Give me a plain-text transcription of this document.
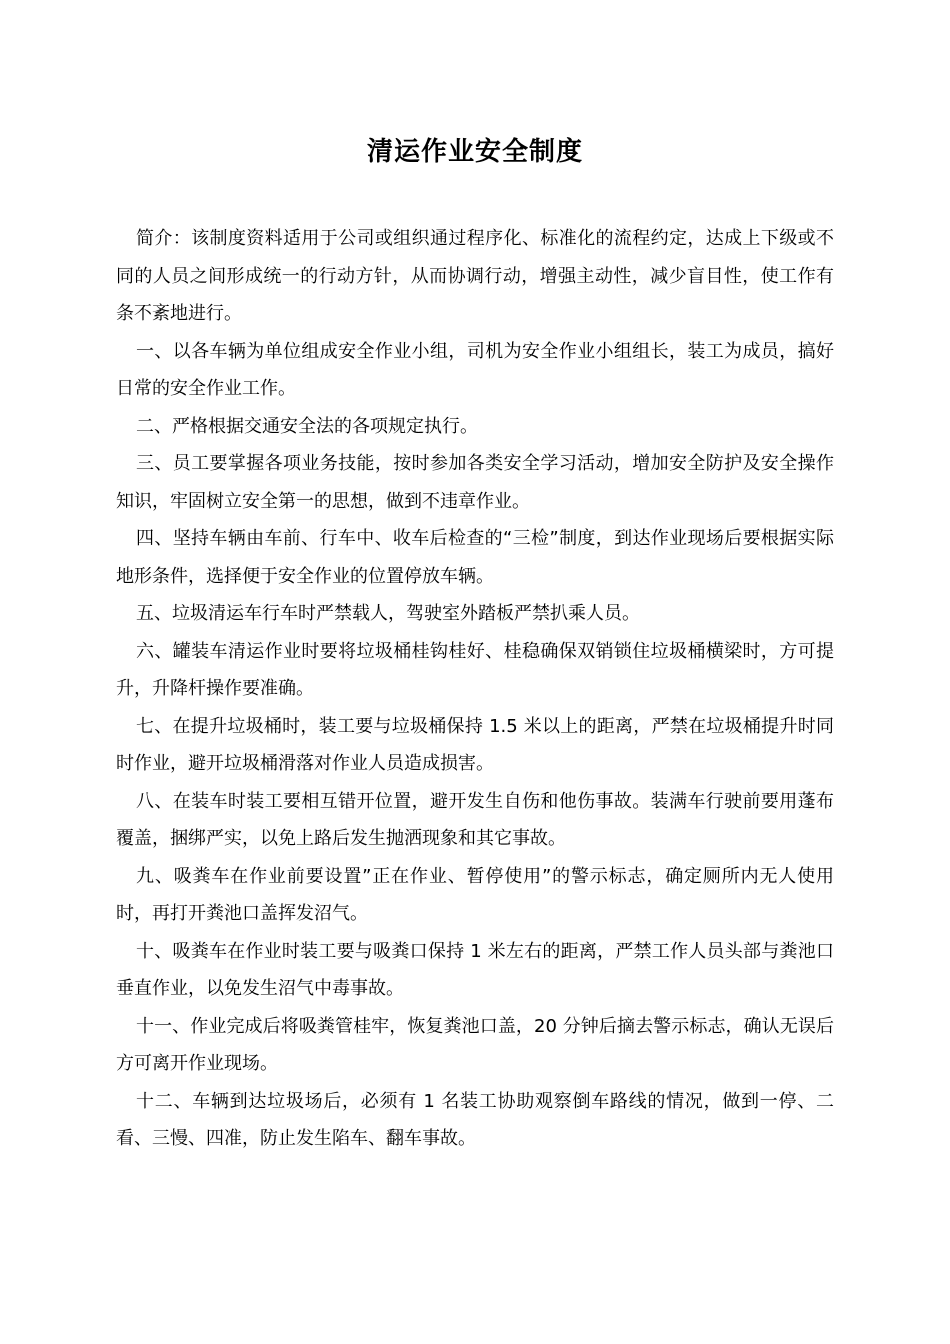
清运作业安全制度

简介：该制度资料适用于公司或组织通过程序化、标准化的流程约定，达成上下级或不同的人员之间形成统一的行动方针，从而协调行动，增强主动性，减少盲目性，使工作有条不紊地进行。

一、以各车辆为单位组成安全作业小组，司机为安全作业小组组长，装工为成员，搞好日常的安全作业工作。

二、严格根据交通安全法的各项规定执行。

三、员工要掌握各项业务技能，按时参加各类安全学习活动，增加安全防护及安全操作知识，牢固树立安全第一的思想，做到不违章作业。

四、坚持车辆由车前、行车中、收车后检查的“三检”制度，到达作业现场后要根据实际地形条件，选择便于安全作业的位置停放车辆。

五、垃圾清运车行车时严禁载人，驾驶室外踏板严禁扒乘人员。

六、罐装车清运作业时要将垃圾桶桂钩桂好、桂稳确保双销锁住垃圾桶横梁时，方可提升，升降杆操作要准确。

七、在提升垃圾桶时，装工要与垃圾桶保持 1.5 米以上的距离，严禁在垃圾桶提升时同时作业，避开垃圾桶滑落对作业人员造成损害。

八、在装车时装工要相互错开位置，避开发生自伤和他伤事故。装满车行驶前要用蓬布覆盖，捆绑严实，以免上路后发生抛洒现象和其它事故。

九、吸粪车在作业前要设置”正在作业、暂停使用”的警示标志，确定厕所内无人使用时，再打开粪池口盖挥发沼气。

十、吸粪车在作业时装工要与吸粪口保持 1 米左右的距离，严禁工作人员头部与粪池口垂直作业，以免发生沼气中毒事故。

十一、作业完成后将吸粪管桂牢，恢复粪池口盖，20 分钟后摘去警示标志，确认无误后方可离开作业现场。

十二、车辆到达垃圾场后，必须有 1 名装工协助观察倒车路线的情况，做到一停、二看、三慢、四准，防止发生陷车、翻车事故。
